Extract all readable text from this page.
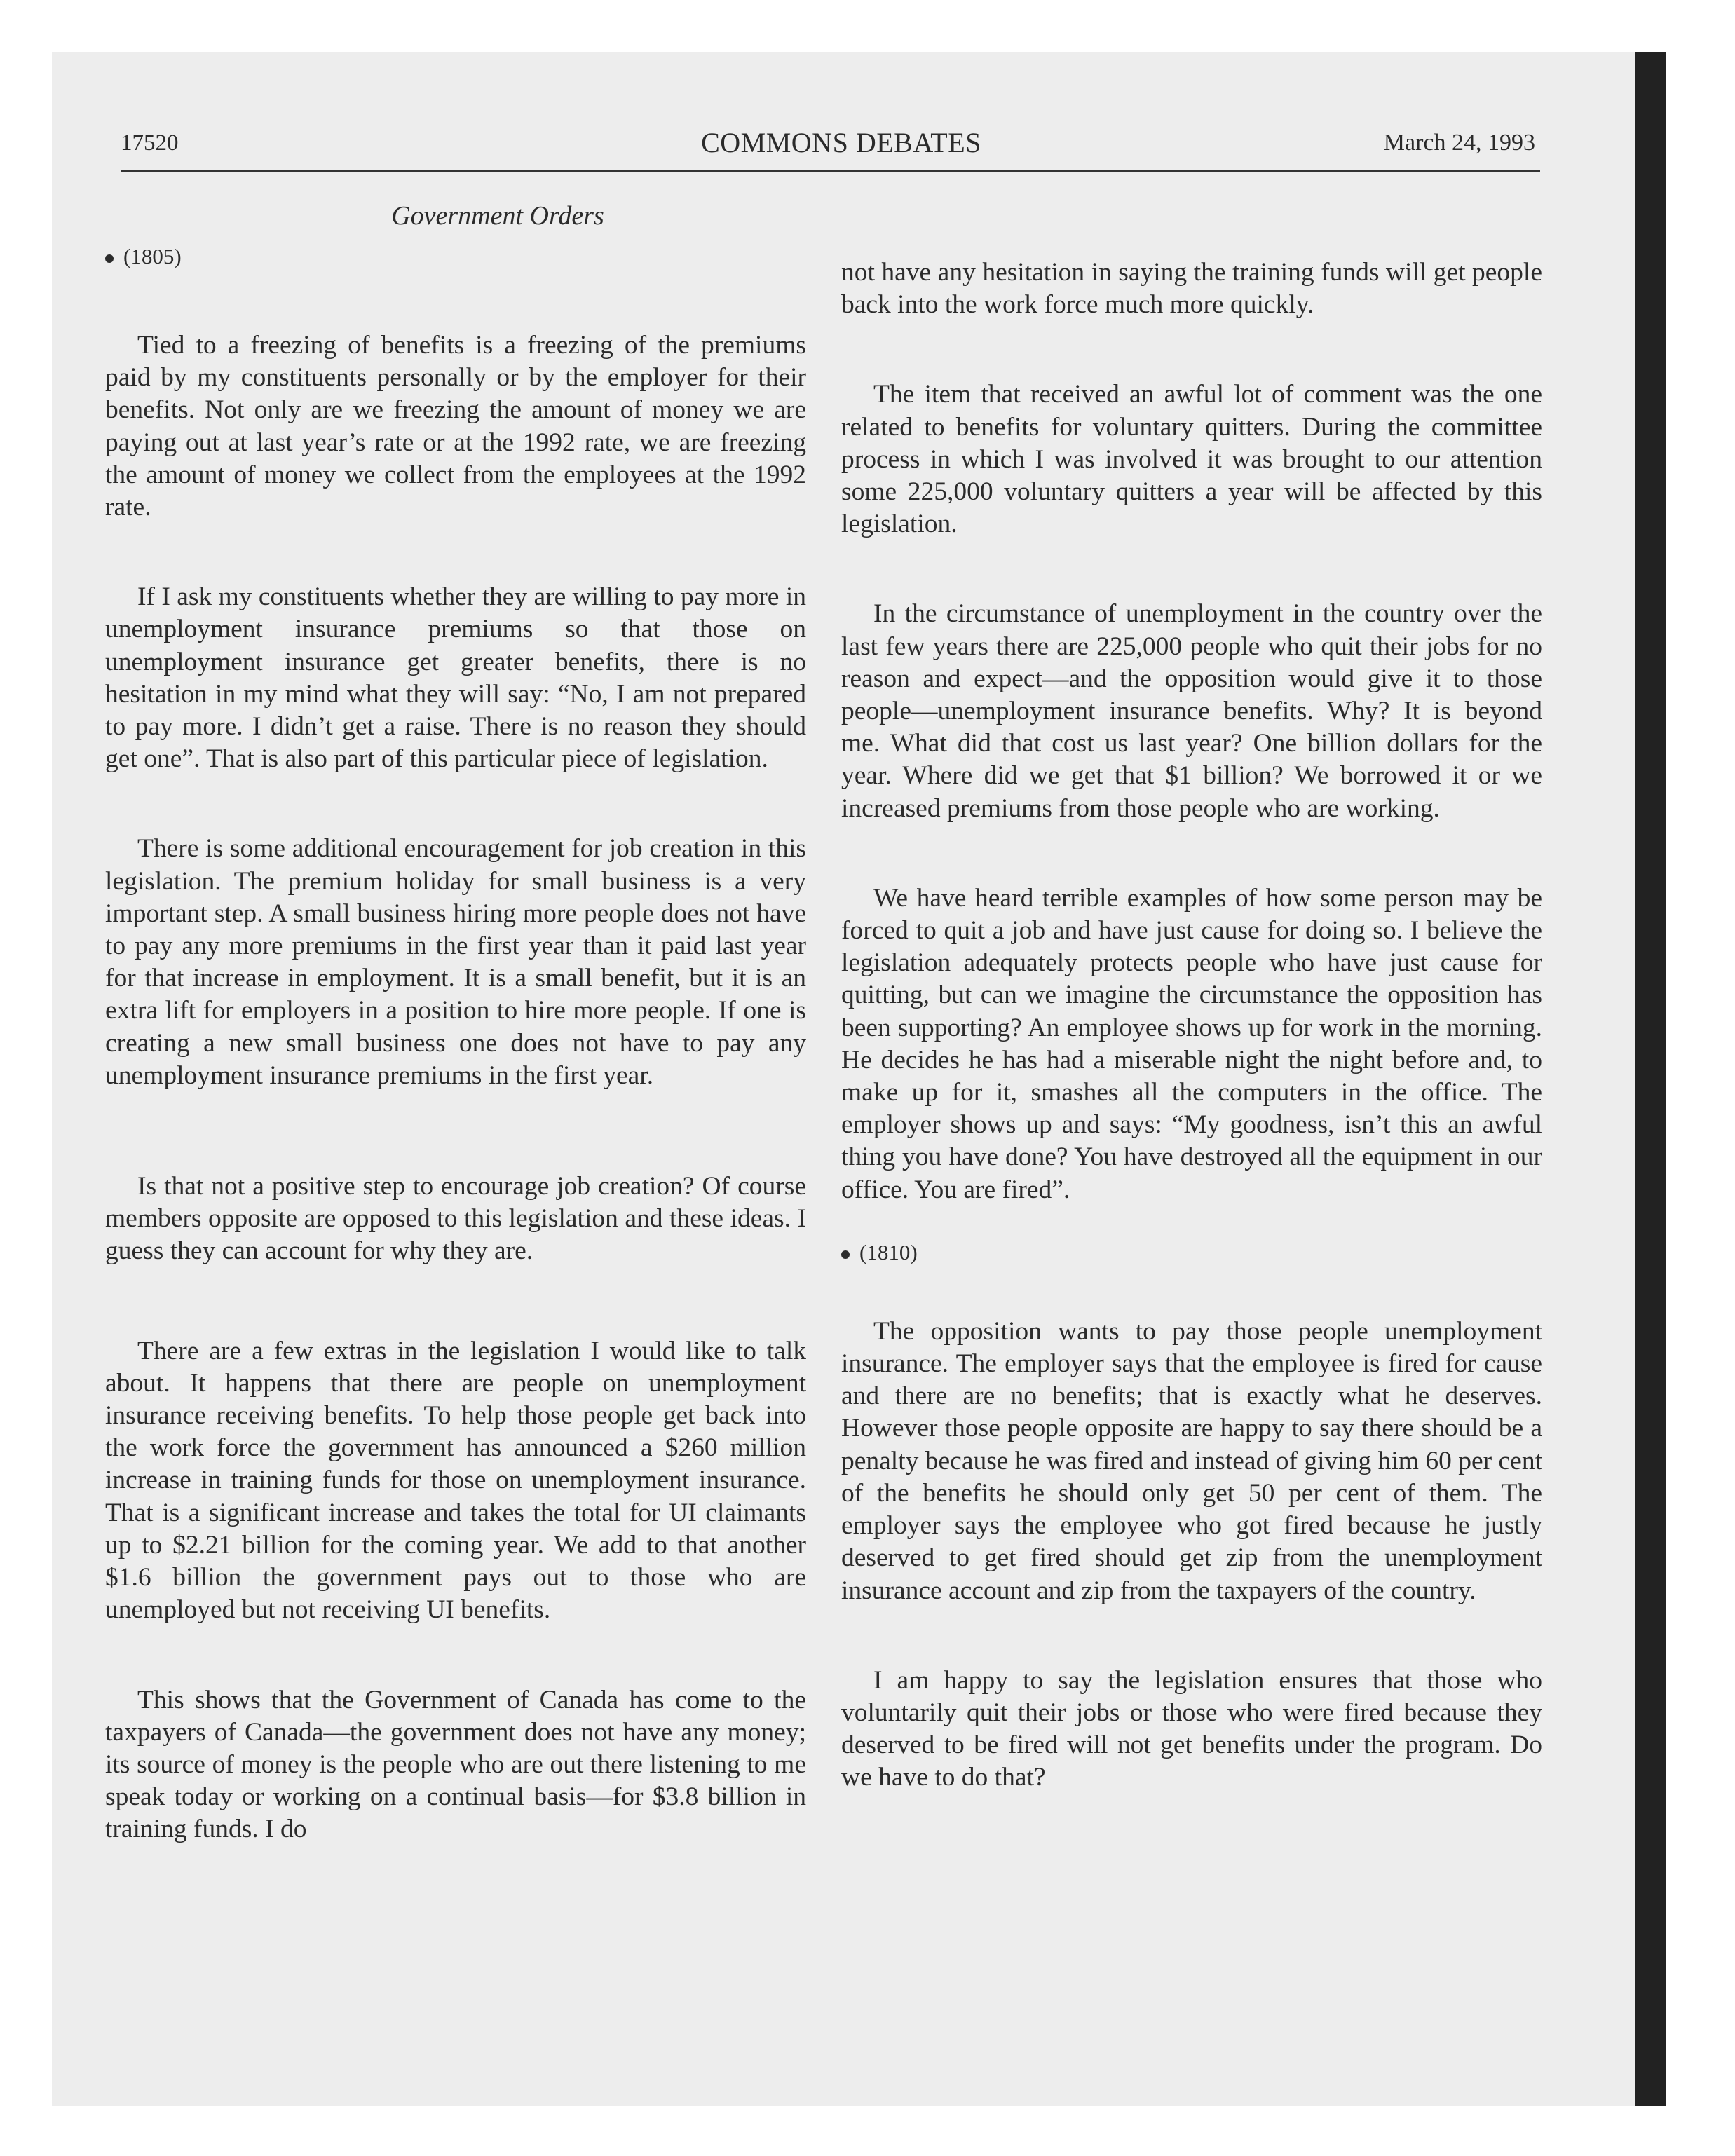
17520	COMMONS DEBATES	March 24, 1993
Government Orders
(1805)

Tied to a freezing of benefits is a freezing of the premiums paid by my constituents personally or by the employer for their benefits. Not only are we freezing the amount of money we are paying out at last year’s rate or at the 1992 rate, we are freezing the amount of money we collect from the employees at the 1992 rate.

If I ask my constituents whether they are willing to pay more in unemployment insurance premiums so that those on unemployment insurance get greater benefits, there is no hesitation in my mind what they will say: “No, I am not prepared to pay more. I didn’t get a raise. There is no reason they should get one”. That is also part of this particular piece of legislation.

There is some additional encouragement for job creation in this legislation. The premium holiday for small business is a very important step. A small business hiring more people does not have to pay any more premiums in the first year than it paid last year for that increase in employment. It is a small benefit, but it is an extra lift for employers in a position to hire more people. If one is creating a new small business one does not have to pay any unemployment insurance premiums in the first year.

Is that not a positive step to encourage job creation? Of course members opposite are opposed to this legislation and these ideas. I guess they can account for why they are.

There are a few extras in the legislation I would like to talk about. It happens that there are people on unemployment insurance receiving benefits. To help those people get back into the work force the government has announced a $260 million increase in training funds for those on unemployment insurance. That is a significant increase and takes the total for UI claimants up to $2.21 billion for the coming year. We add to that another $1.6 billion the government pays out to those who are unemployed but not receiving UI benefits.

This shows that the Government of Canada has come to the taxpayers of Canada—the government does not have any money; its source of money is the people who are out there listening to me speak today or working on a continual basis—for $3.8 billion in training funds. I do

not have any hesitation in saying the training funds will get people back into the work force much more quickly.

The item that received an awful lot of comment was the one related to benefits for voluntary quitters. During the committee process in which I was involved it was brought to our attention some 225,000 voluntary quitters a year will be affected by this legislation.

In the circumstance of unemployment in the country over the last few years there are 225,000 people who quit their jobs for no reason and expect—and the opposition would give it to those people—unemployment insurance benefits. Why? It is beyond me. What did that cost us last year? One billion dollars for the year. Where did we get that $1 billion? We borrowed it or we increased premiums from those people who are working.

We have heard terrible examples of how some person may be forced to quit a job and have just cause for doing so. I believe the legislation adequately protects people who have just cause for quitting, but can we imagine the circumstance the opposition has been supporting? An employee shows up for work in the morning. He decides he has had a miserable night the night before and, to make up for it, smashes all the computers in the office. The employer shows up and says: “My goodness, isn’t this an awful thing you have done? You have destroyed all the equipment in our office. You are fired”.

(1810)

The opposition wants to pay those people unemployment insurance. The employer says that the employee is fired for cause and there are no benefits; that is exactly what he deserves. However those people opposite are happy to say there should be a penalty because he was fired and instead of giving him 60 per cent of the benefits he should only get 50 per cent of them. The employer says the employee who got fired because he justly deserved to get fired should get zip from the unemployment insurance account and zip from the taxpayers of the country.

I am happy to say the legislation ensures that those who voluntarily quit their jobs or those who were fired because they deserved to be fired will not get benefits under the program. Do we have to do that?
